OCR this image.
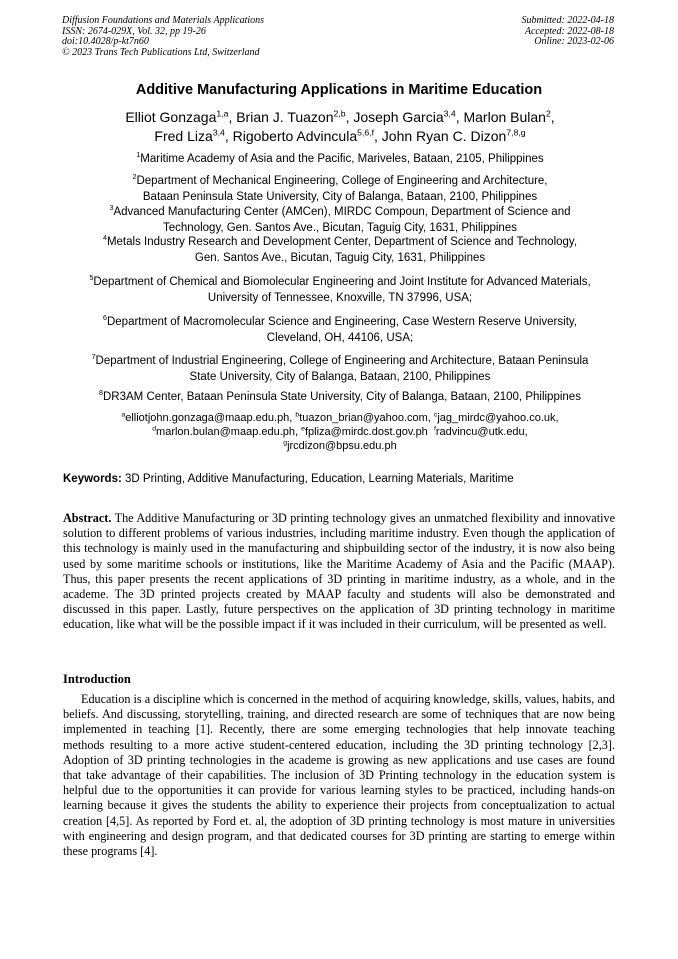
Diffusion Foundations and Materials Applications
ISSN: 2674-029X, Vol. 32, pp 19-26
doi:10.4028/p-kt7n60
© 2023 Trans Tech Publications Ltd, Switzerland
Submitted: 2022-04-18
Accepted: 2022-08-18
Online: 2023-02-06
Additive Manufacturing Applications in Maritime Education
Elliot Gonzaga$^{1,a}$, Brian J. Tuazon$^{2,b}$, Joseph Garcia$^{3,4}$, Marlon Bulan$^2$,
Fred Liza$^{3,4}$, Rigoberto Advincula$^{5,6,f}$, John Ryan C. Dizon$^{7,8,g}$
$^1$Maritime Academy of Asia and the Pacific, Mariveles, Bataan, 2105, Philippines
$^2$Department of Mechanical Engineering, College of Engineering and Architecture,
Bataan Peninsula State University, City of Balanga, Bataan, 2100, Philippines
$^3$Advanced Manufacturing Center (AMCen), MIRDC Compoun, Department of Science and
Technology, Gen. Santos Ave., Bicutan, Taguig City, 1631, Philippines
$^4$Metals Industry Research and Development Center, Department of Science and Technology,
Gen. Santos Ave., Bicutan, Taguig City, 1631, Philippines
$^5$Department of Chemical and Biomolecular Engineering and Joint Institute for Advanced Materials,
University of Tennessee, Knoxville, TN 37996, USA;
$^6$Department of Macromolecular Science and Engineering, Case Western Reserve University,
Cleveland, OH, 44106, USA;
$^7$Department of Industrial Engineering, College of Engineering and Architecture, Bataan Peninsula
State University, City of Balanga, Bataan, 2100, Philippines
$^8$DR3AM Center, Bataan Peninsula State University, City of Balanga, Bataan, 2100, Philippines
$^a$elliotjohn.gonzaga@maap.edu.ph, $^b$tuazon_brian@yahoo.com, $^c$jag_mirdc@yahoo.co.uk,
$^d$marlon.bulan@maap.edu.ph, $^e$fpliza@mirdc.dost.gov.ph $^f$radvincu@utk.edu,
$^g$jrcdizon@bpsu.edu.ph
Keywords: 3D Printing, Additive Manufacturing, Education, Learning Materials, Maritime

Abstract. The Additive Manufacturing or 3D printing technology gives an unmatched flexibility and innovative solution to different problems of various industries, including maritime industry. Even though the application of this technology is mainly used in the manufacturing and shipbuilding sector of the industry, it is now also being used by some maritime schools or institutions, like the Maritime Academy of Asia and the Pacific (MAAP). Thus, this paper presents the recent applications of 3D printing in maritime industry, as a whole, and in the academe. The 3D printed projects created by MAAP faculty and students will also be demonstrated and discussed in this paper. Lastly, future perspectives on the application of 3D printing technology in maritime education, like what will be the possible impact if it was included in their curriculum, will be presented as well.

Introduction

Education is a discipline which is concerned in the method of acquiring knowledge, skills, values, habits, and beliefs. And discussing, storytelling, training, and directed research are some of techniques that are now being implemented in teaching [1]. Recently, there are some emerging technologies that help innovate teaching methods resulting to a more active student-centered education, including the 3D printing technology [2,3]. Adoption of 3D printing technologies in the academe is growing as new applications and use cases are found that take advantage of their capabilities. The inclusion of 3D Printing technology in the education system is helpful due to the opportunities it can provide for various learning styles to be practiced, including hands-on learning because it gives the students the ability to experience their projects from conceptualization to actual creation [4,5]. As reported by Ford et. al, the adoption of 3D printing technology is most mature in universities with engineering and design program, and that dedicated courses for 3D printing are starting to emerge within these programs [4].
